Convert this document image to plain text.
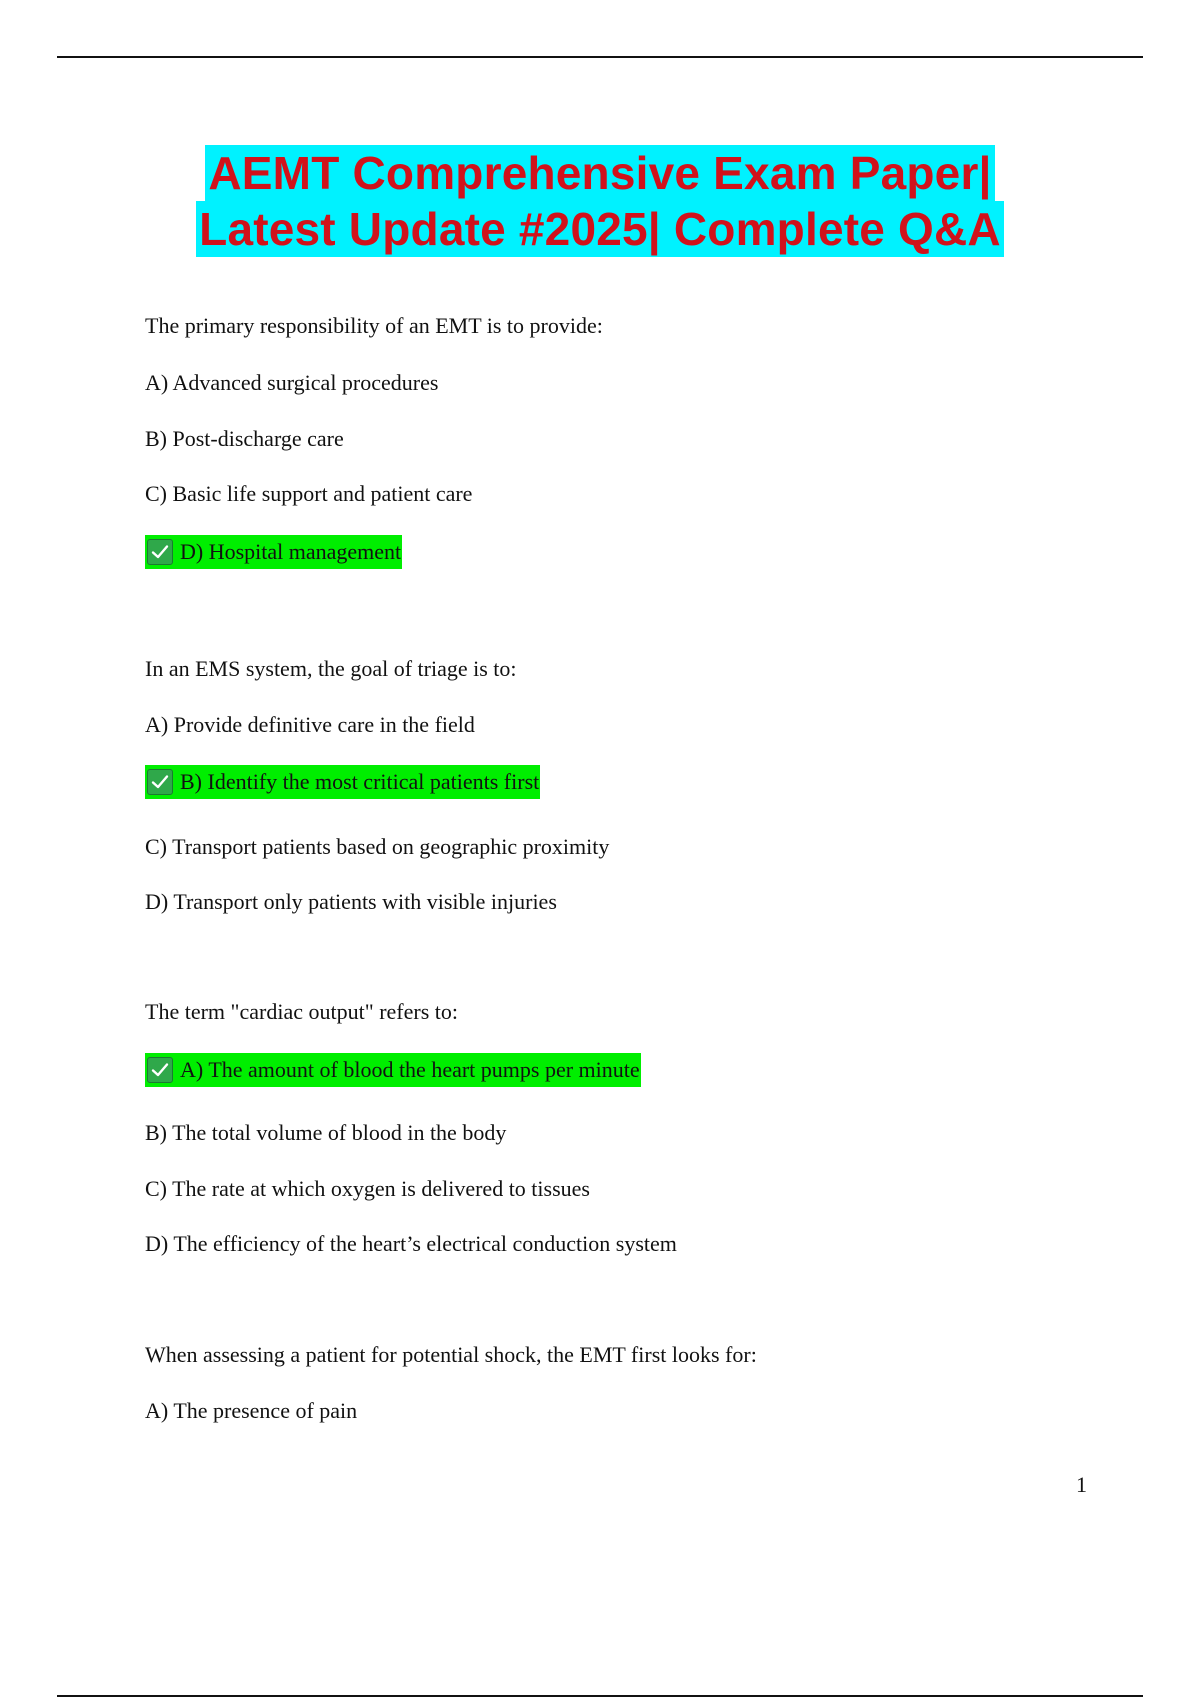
AEMT Comprehensive Exam Paper|
Latest Update #2025| Complete Q&A
The primary responsibility of an EMT is to provide:
A) Advanced surgical procedures
B) Post-discharge care
C) Basic life support and patient care
D) Hospital management
In an EMS system, the goal of triage is to:
A) Provide definitive care in the field
B) Identify the most critical patients first
C) Transport patients based on geographic proximity
D) Transport only patients with visible injuries
The term "cardiac output" refers to:
A) The amount of blood the heart pumps per minute
B) The total volume of blood in the body
C) The rate at which oxygen is delivered to tissues
D) The efficiency of the heart’s electrical conduction system
When assessing a patient for potential shock, the EMT first looks for:
A) The presence of pain
1
